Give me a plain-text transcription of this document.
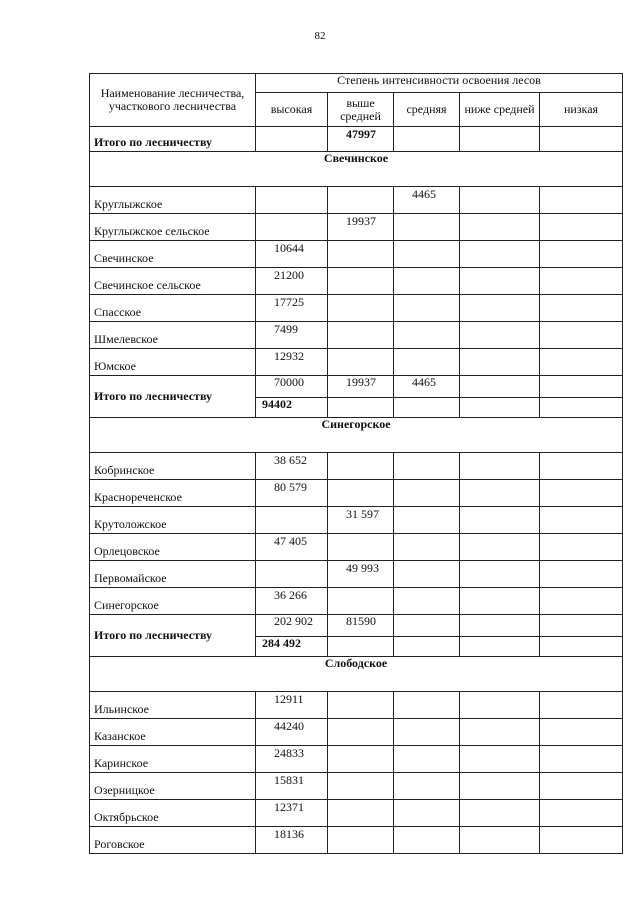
82
Наименование лесничества, участкового лесничества	Степень интенсивности освоения лесов				
	высокая	выше средней	средняя	ниже средней	низкая
Итого по лесничеству		47997			
Свечинское					
Круглыжское			4465		
Круглыжское сельское		19937			
Свечинское	10644				
Свечинское сельское	21200				
Спасское	17725				
Шмелевское	7499				
Юмское	12932				
Итого по лесничеству	70000	19937	4465		
	94402				
Синегорское					
Кобринское	38 652				
Краснореченское	80 579				
Крутоложское		31 597			
Орлецовское	47 405				
Первомайское		49 993			
Синегорское	36 266				
Итого по лесничеству	202 902	81590			
	284 492				
Слободское					
Ильинское	12911				
Казанское	44240				
Каринское	24833				
Озерницкое	15831				
Октябрьское	12371				
Роговское	18136				
